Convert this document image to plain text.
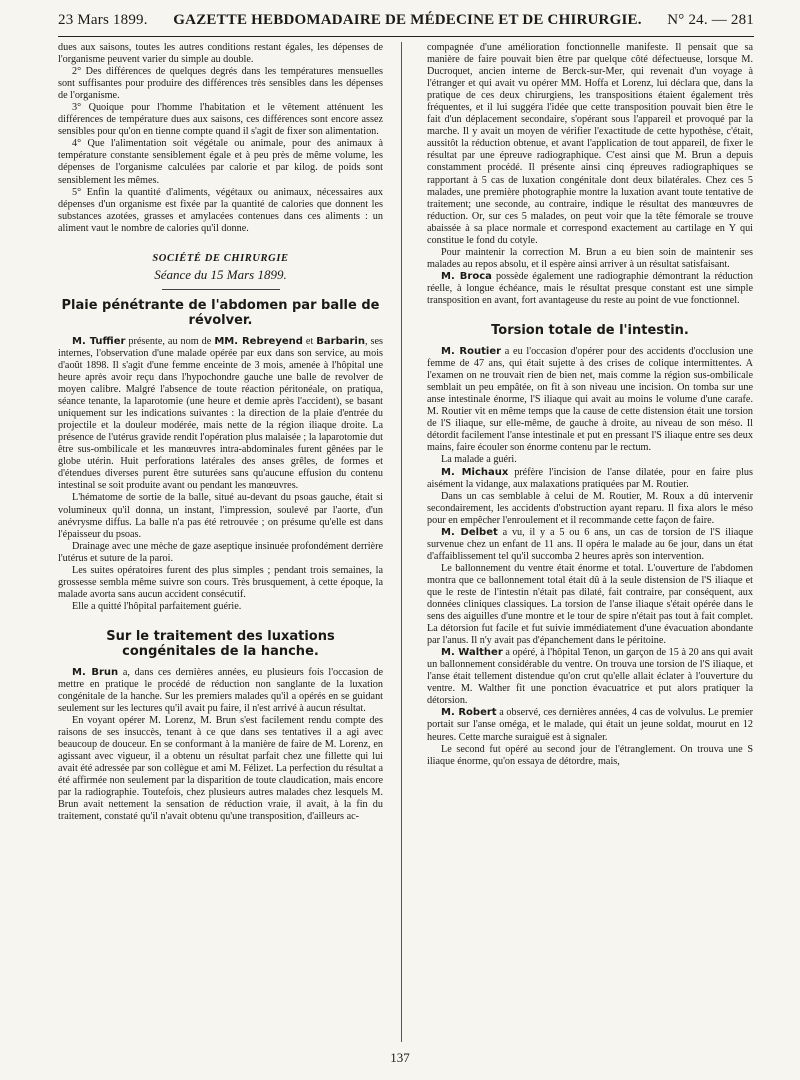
23 Mars 1899. GAZETTE HEBDOMADAIRE DE MÉDECINE ET DE CHIRURGIE. N° 24. — 281

dues aux saisons, toutes les autres conditions restant égales, les dépenses de l'organisme peuvent varier du simple au double.

2° Des différences de quelques degrés dans les températures mensuelles sont suffisantes pour produire des différences très sensibles dans les dépenses de l'organisme.

3° Quoique pour l'homme l'habitation et le vêtement atténuent les différences de température dues aux saisons, ces différences sont encore assez sensibles pour qu'on en tienne compte quand il s'agit de fixer son alimentation.

4° Que l'alimentation soit végétale ou animale, pour des animaux à température constante sensiblement égale et à peu près de même volume, les dépenses de l'organisme calculées par calorie et par kilog. de poids sont sensiblement les mêmes.

5° Enfin la quantité d'aliments, végétaux ou animaux, nécessaires aux dépenses d'un organisme est fixée par la quantité de calories que donnent les substances azotées, grasses et amylacées contenues dans ces aliments : un aliment vaut le nombre de calories qu'il donne.

SOCIÉTÉ DE CHIRURGIE
Séance du 15 Mars 1899.
Plaie pénétrante de l'abdomen par balle de révolver.

M. Tuffier présente, au nom de MM. Rebreyend et Barbarin, ses internes, l'observation d'une malade opérée par eux dans son service, au mois d'août 1898. Il s'agit d'une femme enceinte de 3 mois, amenée à l'hôpital une heure après avoir reçu dans l'hypochondre gauche une balle de revolver de moyen calibre. Malgré l'absence de toute réaction péritonéale, on pratiqua, séance tenante, la laparotomie (une heure et demie après l'accident), se basant uniquement sur les indications suivantes : la direction de la plaie d'entrée du projectile et la douleur modérée, mais nette de la région iliaque droite. La présence de l'utérus gravide rendit l'opération plus malaisée ; la laparotomie dut être sus-ombilicale et les manœuvres intra-abdominales furent gênées par le globe utérin. Huit perforations latérales des anses grêles, de formes et d'étendues diverses purent être suturées sans qu'aucune effusion du contenu intestinal se soit produite avant ou pendant les manœuvres.

L'hématome de sortie de la balle, situé au-devant du psoas gauche, était si volumineux qu'il donna, un instant, l'impression, soulevé par l'aorte, d'un anévrysme diffus. La balle n'a pas été retrouvée ; on présume qu'elle est dans l'épaisseur du psoas.

Drainage avec une mèche de gaze aseptique insinuée profondément derrière l'utérus et suture de la paroi.

Les suites opératoires furent des plus simples ; pendant trois semaines, la grossesse sembla même suivre son cours. Très brusquement, à cette époque, la malade avorta sans aucun accident consécutif.

Elle a quitté l'hôpital parfaitement guérie.

Sur le traitement des luxations congénitales de la hanche.

M. Brun a, dans ces dernières années, eu plusieurs fois l'occasion de mettre en pratique le procédé de réduction non sanglante de la luxation congénitale de la hanche. Sur les premiers malades qu'il a opérés en se guidant seulement sur les lectures qu'il avait pu faire, il n'est arrivé à aucun résultat.

En voyant opérer M. Lorenz, M. Brun s'est facilement rendu compte des raisons de ses insuccès, tenant à ce que dans ses tentatives il a agi avec beaucoup de douceur. En se conformant à la manière de faire de M. Lorenz, en agissant avec vigueur, il a obtenu un résultat parfait chez une fillette qui lui avait été adressée par son collègue et ami M. Félizet. La perfection du résultat a été affirmée non seulement par la disparition de toute claudication, mais encore par la radiographie. Toutefois, chez plusieurs autres malades chez lesquels M. Brun avait nettement la sensation de réduction vraie, il avait, à la fin du traitement, constaté qu'il n'avait obtenu qu'une transposition, d'ailleurs ac-

compagnée d'une amélioration fonctionnelle manifeste. Il pensait que sa manière de faire pouvait bien être par quelque côté défectueuse, lorsque M. Ducroquet, ancien interne de Berck-sur-Mer, qui revenait d'un voyage à l'étranger et qui avait vu opérer MM. Hoffa et Lorenz, lui déclara que, dans la pratique de ces deux chirurgiens, les transpositions étaient également très fréquentes, et il lui suggéra l'idée que cette transposition pouvait bien être le fait d'un déplacement secondaire, s'opérant sous l'appareil et provoqué par la marche. Il y avait un moyen de vérifier l'exactitude de cette hypothèse, c'était, aussitôt la réduction obtenue, et avant l'application de tout appareil, de fixer le résultat par une épreuve radiographique. C'est ainsi que M. Brun a depuis constamment procédé. Il présente ainsi cinq épreuves radiographiques se rapportant à 5 cas de luxation congénitale dont deux bilatérales. Chez ces 5 malades, une première photographie montre la luxation avant toute tentative de traitement; une seconde, au contraire, indique le résultat des manœuvres de réduction. Or, sur ces 5 malades, on peut voir que la tête fémorale se trouve abaissée à sa place normale et correspond exactement au cartilage en Y qui constitue le fond du cotyle.

Pour maintenir la correction M. Brun a eu bien soin de maintenir ses malades au repos absolu, et il espère ainsi arriver à un résultat satisfaisant.

M. Broca possède également une radiographie démontrant la réduction réelle, à longue échéance, mais le résultat presque constant est une simple transposition en avant, fort avantageuse du reste au point de vue fonctionnel.

Torsion totale de l'intestin.

M. Routier a eu l'occasion d'opérer pour des accidents d'occlusion une femme de 47 ans, qui était sujette à des crises de colique intermittentes. A l'examen on ne trouvait rien de bien net, mais comme la région sus-ombilicale semblait un peu empâtée, on fit à son niveau une incision. On tomba sur une anse intestinale énorme, l'S iliaque qui avait au moins le volume d'une carafe. M. Routier vit en même temps que la cause de cette distension était une torsion de l'S iliaque, sur elle-même, de gauche à droite, au niveau de son méso. Il détordit facilement l'anse intestinale et put en pressant l'S iliaque entre ses deux mains, faire écouler son énorme contenu par le rectum.

La malade a guéri.

M. Michaux préfère l'incision de l'anse dilatée, pour en faire plus aisément la vidange, aux malaxations pratiquées par M. Routier.

Dans un cas semblable à celui de M. Routier, M. Roux a dû intervenir secondairement, les accidents d'obstruction ayant reparu. Il fixa alors le méso pour en empêcher l'enroulement et il recommande cette façon de faire.

M. Delbet a vu, il y a 5 ou 6 ans, un cas de torsion de l'S iliaque survenue chez un enfant de 11 ans. Il opéra le malade au 6e jour, dans un état d'affaiblissement tel qu'il succomba 2 heures après son intervention.

Le ballonnement du ventre était énorme et total. L'ouverture de l'abdomen montra que ce ballonnement total était dû à la seule distension de l'S iliaque et que le reste de l'intestin n'était pas dilaté, fait contraire, par conséquent, aux données cliniques classiques. La torsion de l'anse iliaque s'était opérée dans le sens des aiguilles d'une montre et le tour de spire n'était pas tout à fait complet. La détorsion fut facile et fut suivie immédiatement d'une évacuation abondante par l'anus. Il n'y avait pas d'épanchement dans le péritoine.

M. Walther a opéré, à l'hôpital Tenon, un garçon de 15 à 20 ans qui avait un ballonnement considérable du ventre. On trouva une torsion de l'S iliaque, et l'anse était tellement distendue qu'on crut qu'elle allait éclater à l'ouverture du ventre. M. Walther fit une ponction évacuatrice et put alors pratiquer la détorsion.

M. Robert a observé, ces dernières années, 4 cas de volvulus. Le premier portait sur l'anse oméga, et le malade, qui était un jeune soldat, mourut en 12 heures. Cette marche suraiguë est à signaler.

Le second fut opéré au second jour de l'étranglement. On trouva une S iliaque énorme, qu'on essaya de détordre, mais,

137
